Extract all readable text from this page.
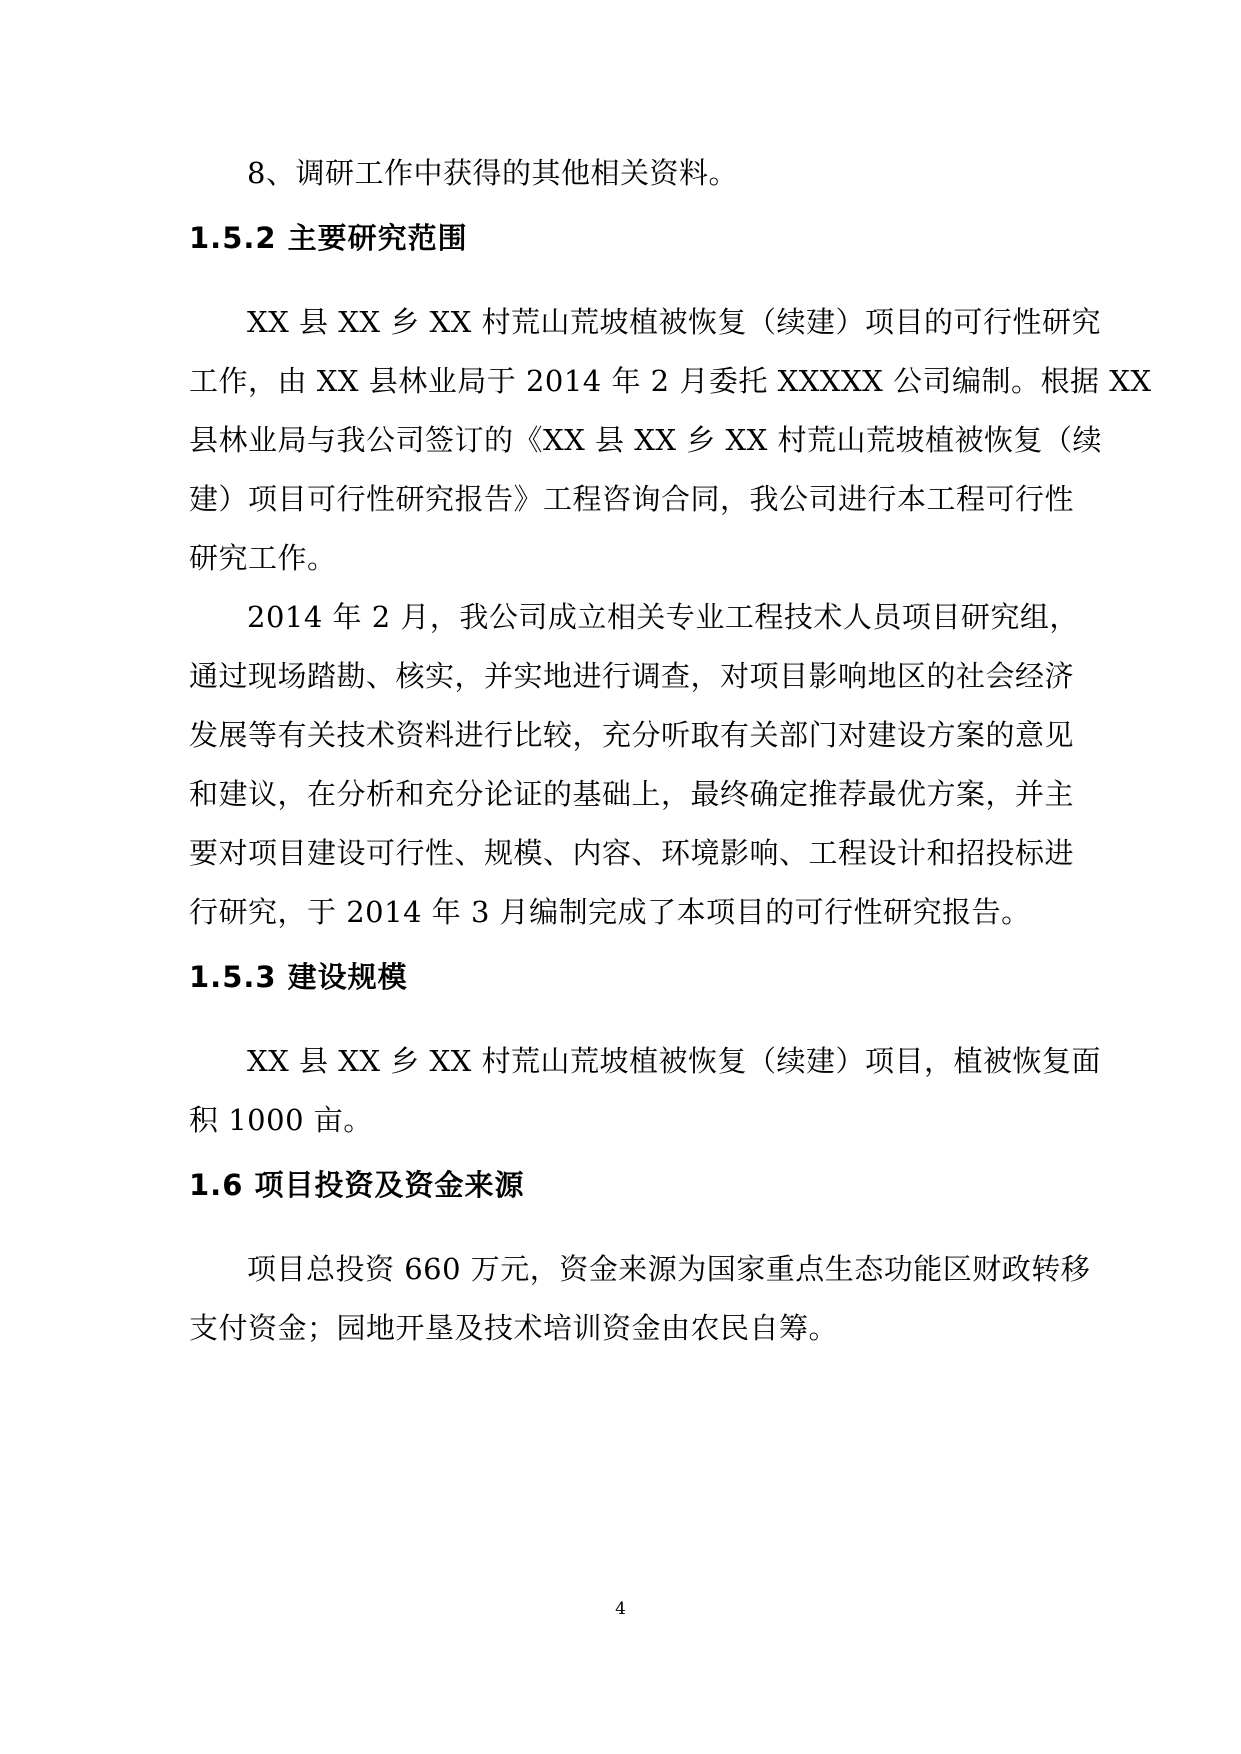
8、调研工作中获得的其他相关资料。
1.5.2 主要研究范围
XX 县 XX 乡 XX 村荒山荒坡植被恢复（续建）项目的可行性研究
工作，由 XX 县林业局于 2014 年 2 月委托 XXXXX 公司编制。根据 XX
县林业局与我公司签订的《XX 县 XX 乡 XX 村荒山荒坡植被恢复（续
建）项目可行性研究报告》工程咨询合同，我公司进行本工程可行性
研究工作。
2014 年 2 月，我公司成立相关专业工程技术人员项目研究组，
通过现场踏勘、核实，并实地进行调查，对项目影响地区的社会经济
发展等有关技术资料进行比较，充分听取有关部门对建设方案的意见
和建议，在分析和充分论证的基础上，最终确定推荐最优方案，并主
要对项目建设可行性、规模、内容、环境影响、工程设计和招投标进
行研究，于 2014 年 3 月编制完成了本项目的可行性研究报告。
1.5.3 建设规模
XX 县 XX 乡 XX 村荒山荒坡植被恢复（续建）项目，植被恢复面
积 1000 亩。
1.6 项目投资及资金来源
项目总投资 660 万元，资金来源为国家重点生态功能区财政转移
支付资金；园地开垦及技术培训资金由农民自筹。
4
